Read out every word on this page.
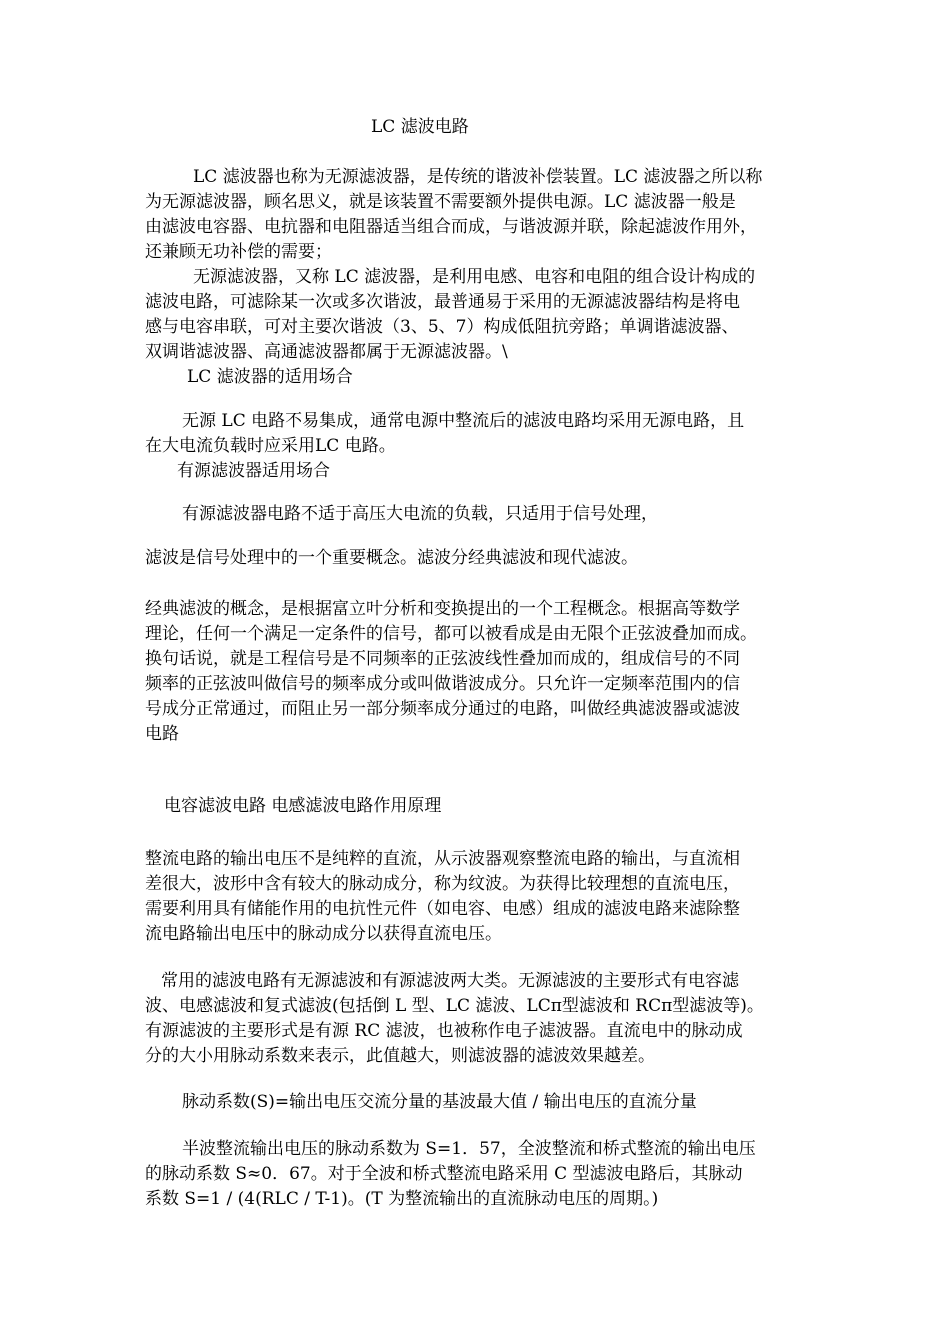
LC 滤波电路
LC 滤波器也称为无源滤波器，是传统的谐波补偿装置。LC 滤波器之所以称
为无源滤波器，顾名思义，就是该装置不需要额外提供电源。LC 滤波器一般是
由滤波电容器、电抗器和电阻器适当组合而成，与谐波源并联，除起滤波作用外，
还兼顾无功补偿的需要；
无源滤波器，又称 LC 滤波器，是利用电感、电容和电阻的组合设计构成的
滤波电路，可滤除某一次或多次谐波，最普通易于采用的无源滤波器结构是将电
感与电容串联，可对主要次谐波（3、5、7）构成低阻抗旁路；单调谐滤波器、
双调谐滤波器、高通滤波器都属于无源滤波器。\
LC 滤波器的适用场合
无源 LC 电路不易集成，通常电源中整流后的滤波电路均采用无源电路，且
在大电流负载时应采用LC 电路。
有源滤波器适用场合
有源滤波器电路不适于高压大电流的负载，只适用于信号处理，
滤波是信号处理中的一个重要概念。滤波分经典滤波和现代滤波。
经典滤波的概念，是根据富立叶分析和变换提出的一个工程概念。根据高等数学
理论，任何一个满足一定条件的信号，都可以被看成是由无限个正弦波叠加而成。
换句话说，就是工程信号是不同频率的正弦波线性叠加而成的，组成信号的不同
频率的正弦波叫做信号的频率成分或叫做谐波成分。只允许一定频率范围内的信
号成分正常通过，而阻止另一部分频率成分通过的电路，叫做经典滤波器或滤波
电路
电容滤波电路 电感滤波电路作用原理
整流电路的输出电压不是纯粹的直流，从示波器观察整流电路的输出，与直流相
差很大，波形中含有较大的脉动成分，称为纹波。为获得比较理想的直流电压，
需要利用具有储能作用的电抗性元件（如电容、电感）组成的滤波电路来滤除整
流电路输出电压中的脉动成分以获得直流电压。
常用的滤波电路有无源滤波和有源滤波两大类。无源滤波的主要形式有电容滤
波、电感滤波和复式滤波(包括倒 L 型、LC 滤波、LCπ型滤波和 RCπ型滤波等)。
有源滤波的主要形式是有源 RC 滤波，也被称作电子滤波器。直流电中的脉动成
分的大小用脉动系数来表示，此值越大，则滤波器的滤波效果越差。
脉动系数(S)=输出电压交流分量的基波最大值 / 输出电压的直流分量
半波整流输出电压的脉动系数为 S=1．57，全波整流和桥式整流的输出电压
的脉动系数 S≈0．67。对于全波和桥式整流电路采用 C 型滤波电路后，其脉动
系数 S=1 / (4(RLC / T-1)。(T 为整流输出的直流脉动电压的周期。)
